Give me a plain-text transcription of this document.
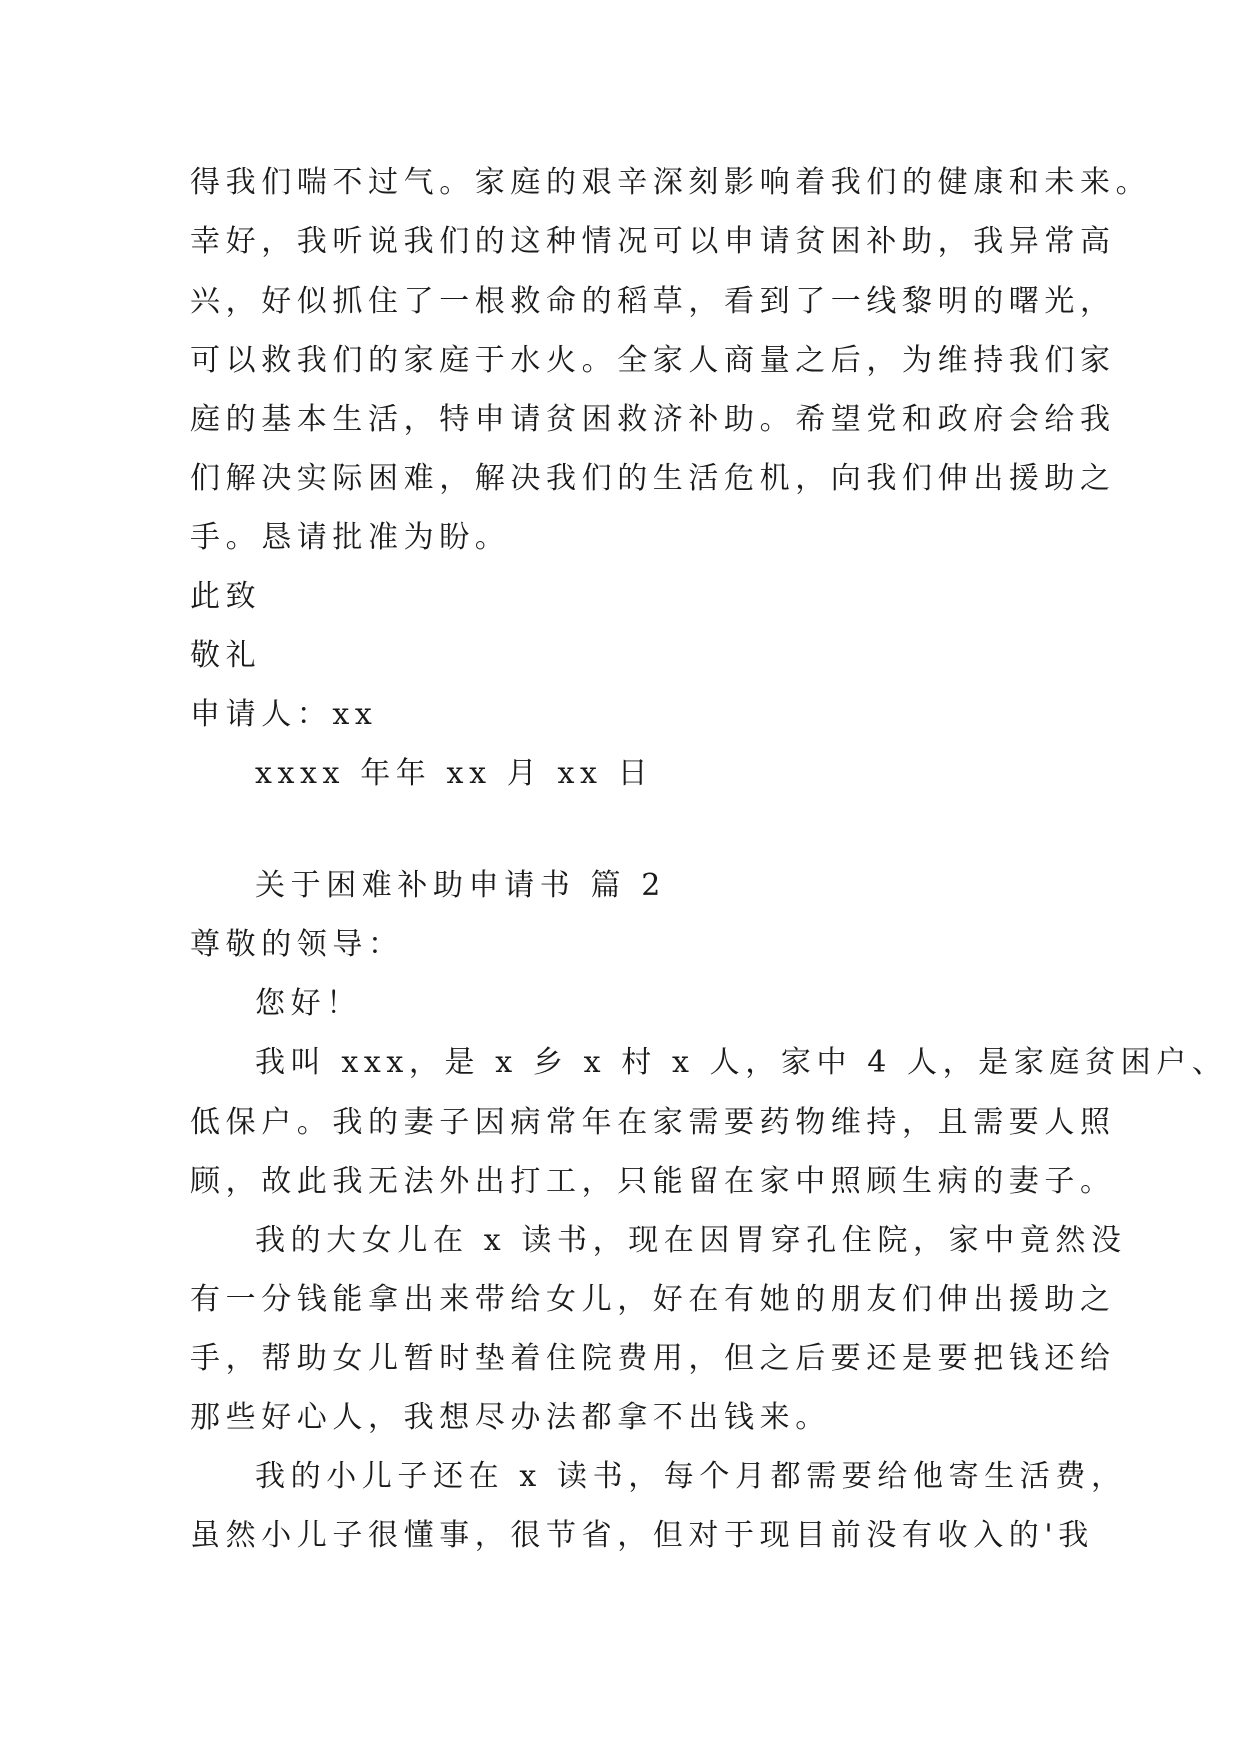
得我们喘不过气。家庭的艰辛深刻影响着我们的健康和未来。
幸好，我听说我们的这种情况可以申请贫困补助，我异常高
兴，好似抓住了一根救命的稻草，看到了一线黎明的曙光，
可以救我们的家庭于水火。全家人商量之后，为维持我们家
庭的基本生活，特申请贫困救济补助。希望党和政府会给我
们解决实际困难，解决我们的生活危机，向我们伸出援助之
手。恳请批准为盼。
此致
敬礼
申请人：xx
xxxx 年年 xx 月 xx 日
关于困难补助申请书 篇 2
尊敬的领导：
您好！
我叫 xxx，是 x 乡 x 村 x 人，家中 4 人，是家庭贫困户、
低保户。我的妻子因病常年在家需要药物维持，且需要人照
顾，故此我无法外出打工，只能留在家中照顾生病的妻子。
我的大女儿在 x 读书，现在因胃穿孔住院，家中竟然没
有一分钱能拿出来带给女儿，好在有她的朋友们伸出援助之
手，帮助女儿暂时垫着住院费用，但之后要还是要把钱还给
那些好心人，我想尽办法都拿不出钱来。
我的小儿子还在 x 读书，每个月都需要给他寄生活费，
虽然小儿子很懂事，很节省，但对于现目前没有收入的'我
